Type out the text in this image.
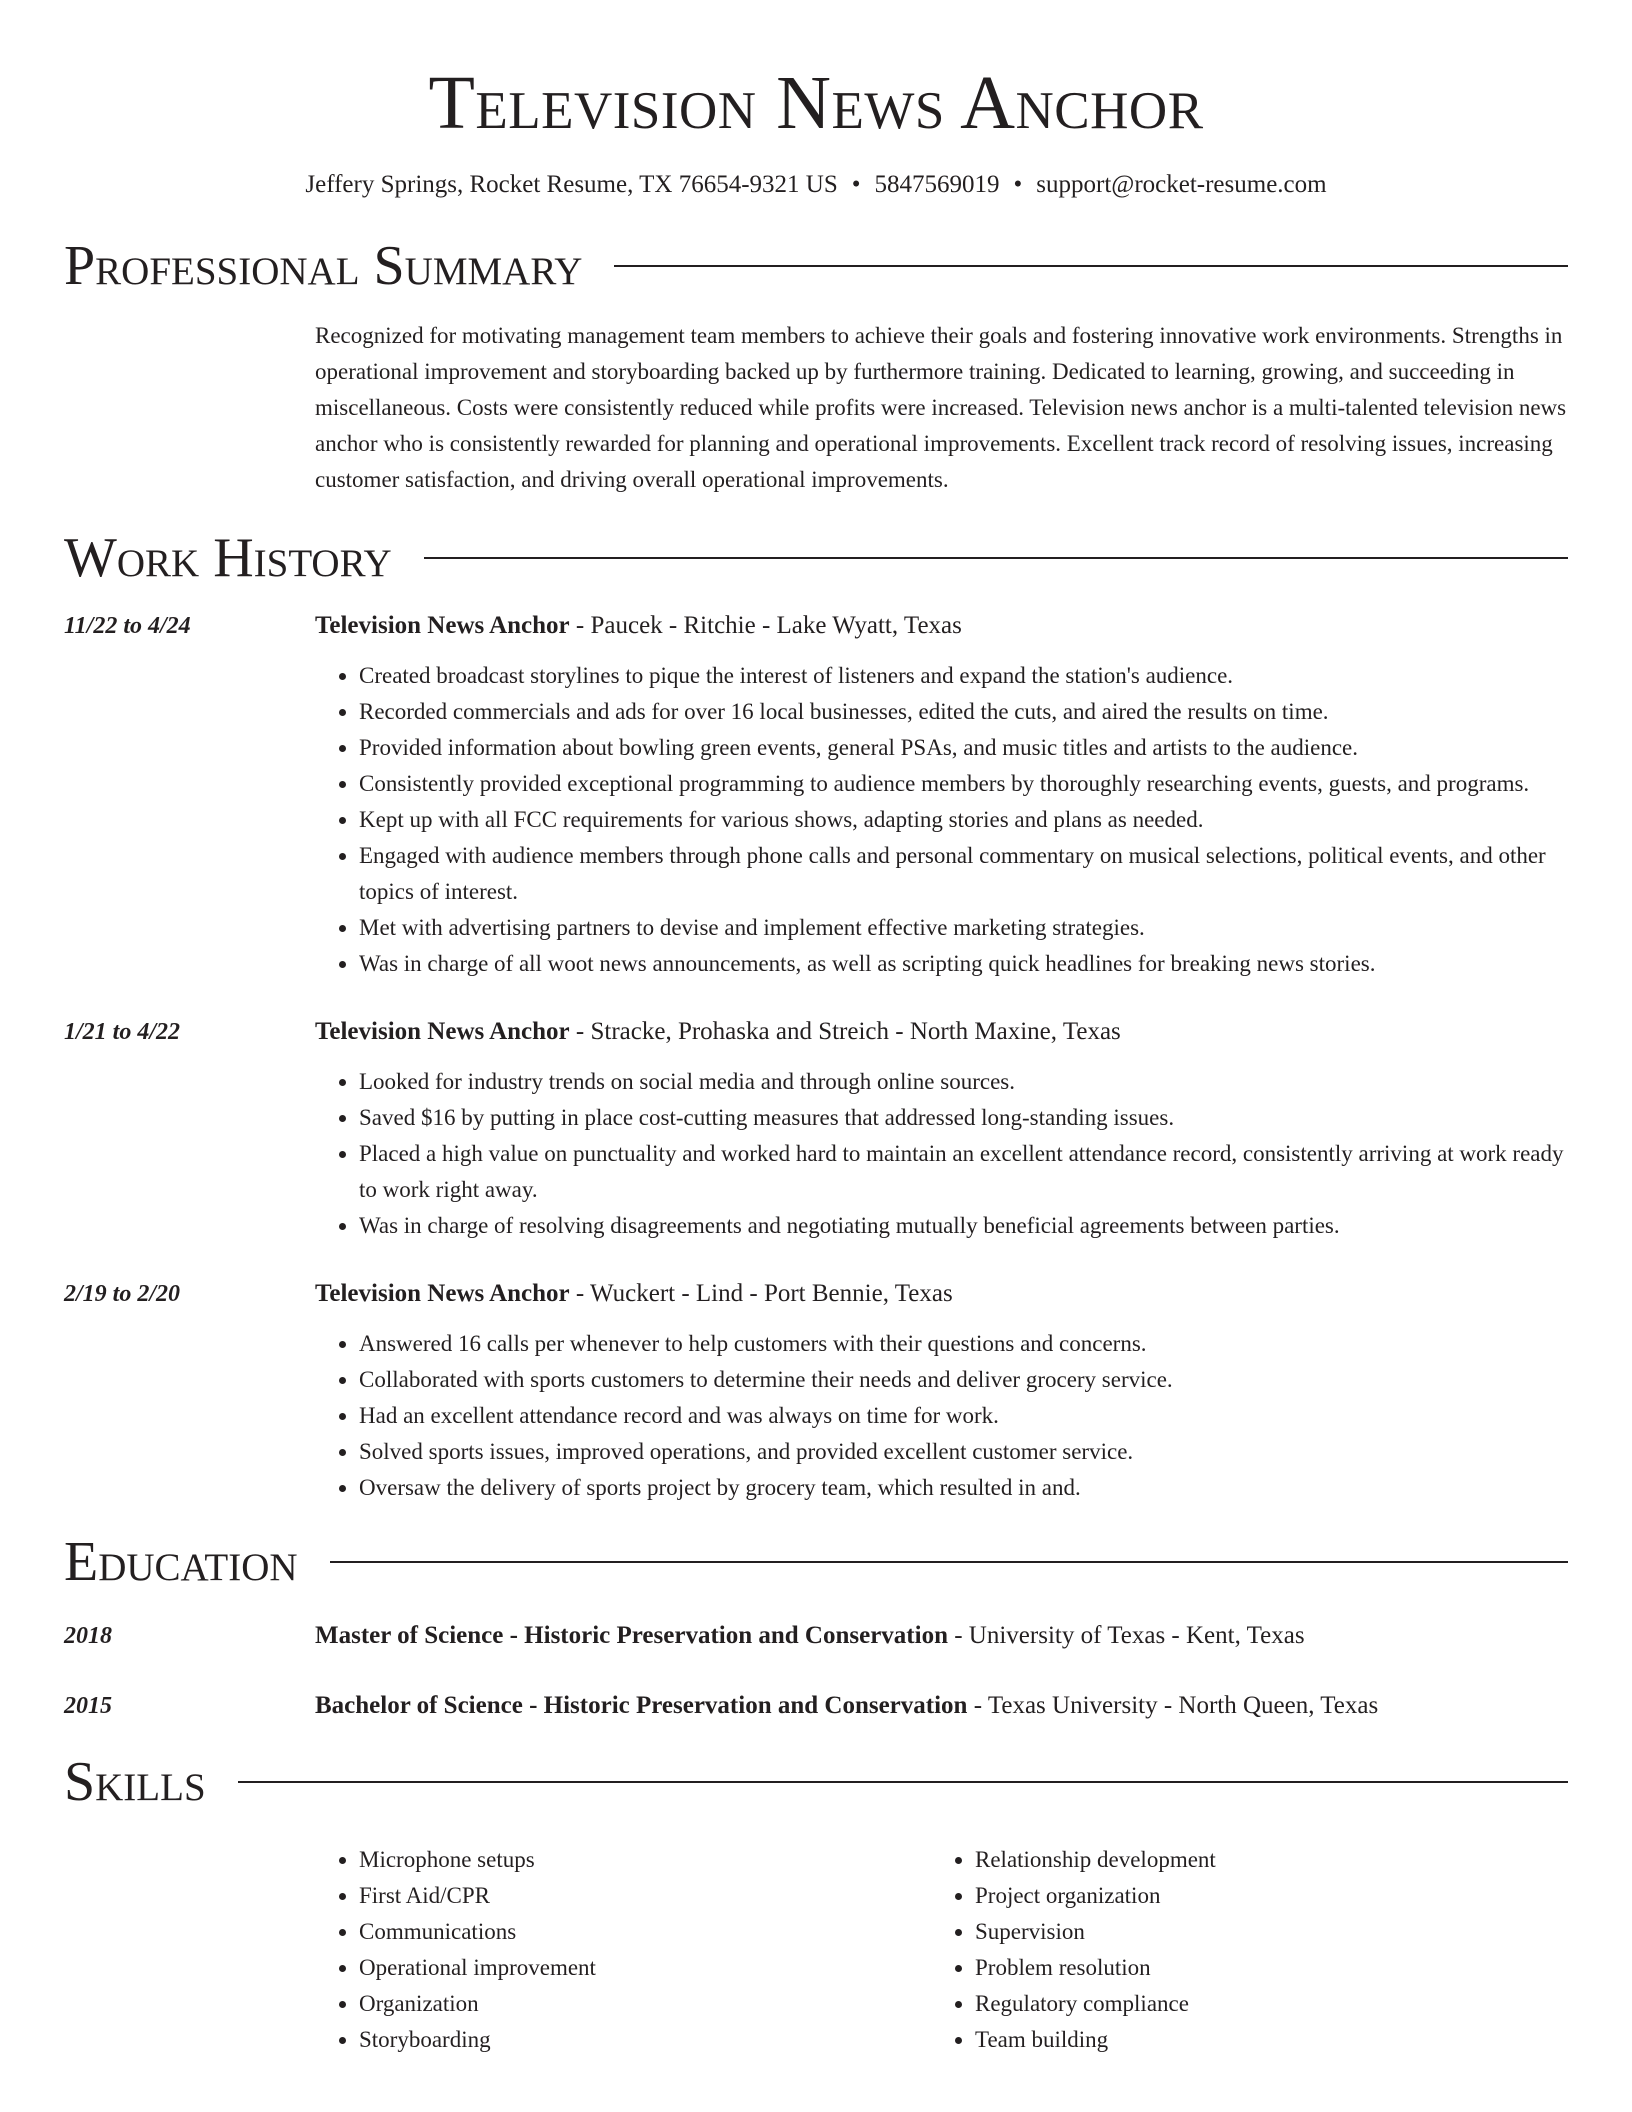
Television News Anchor
Jeffery Springs, Rocket Resume, TX 76654-9321 US • 5847569019 • support@rocket-resume.com
Professional Summary
Recognized for motivating management team members to achieve their goals and fostering innovative work environments. Strengths in operational improvement and storyboarding backed up by furthermore training. Dedicated to learning, growing, and succeeding in miscellaneous. Costs were consistently reduced while profits were increased. Television news anchor is a multi-talented television news anchor who is consistently rewarded for planning and operational improvements. Excellent track record of resolving issues, increasing customer satisfaction, and driving overall operational improvements.
Work History
11/22 to 4/24	Television News Anchor - Paucek - Ritchie - Lake Wyatt, Texas
• Created broadcast storylines to pique the interest of listeners and expand the station's audience.
• Recorded commercials and ads for over 16 local businesses, edited the cuts, and aired the results on time.
• Provided information about bowling green events, general PSAs, and music titles and artists to the audience.
• Consistently provided exceptional programming to audience members by thoroughly researching events, guests, and programs.
• Kept up with all FCC requirements for various shows, adapting stories and plans as needed.
• Engaged with audience members through phone calls and personal commentary on musical selections, political events, and other topics of interest.
• Met with advertising partners to devise and implement effective marketing strategies.
• Was in charge of all woot news announcements, as well as scripting quick headlines for breaking news stories.
1/21 to 4/22	Television News Anchor - Stracke, Prohaska and Streich - North Maxine, Texas
• Looked for industry trends on social media and through online sources.
• Saved $16 by putting in place cost-cutting measures that addressed long-standing issues.
• Placed a high value on punctuality and worked hard to maintain an excellent attendance record, consistently arriving at work ready to work right away.
• Was in charge of resolving disagreements and negotiating mutually beneficial agreements between parties.
2/19 to 2/20	Television News Anchor - Wuckert - Lind - Port Bennie, Texas
• Answered 16 calls per whenever to help customers with their questions and concerns.
• Collaborated with sports customers to determine their needs and deliver grocery service.
• Had an excellent attendance record and was always on time for work.
• Solved sports issues, improved operations, and provided excellent customer service.
• Oversaw the delivery of sports project by grocery team, which resulted in and.
Education
2018	Master of Science - Historic Preservation and Conservation - University of Texas - Kent, Texas
2015	Bachelor of Science - Historic Preservation and Conservation - Texas University - North Queen, Texas
Skills
• Microphone setups
• First Aid/CPR
• Communications
• Operational improvement
• Organization
• Storyboarding
• Relationship development
• Project organization
• Supervision
• Problem resolution
• Regulatory compliance
• Team building
